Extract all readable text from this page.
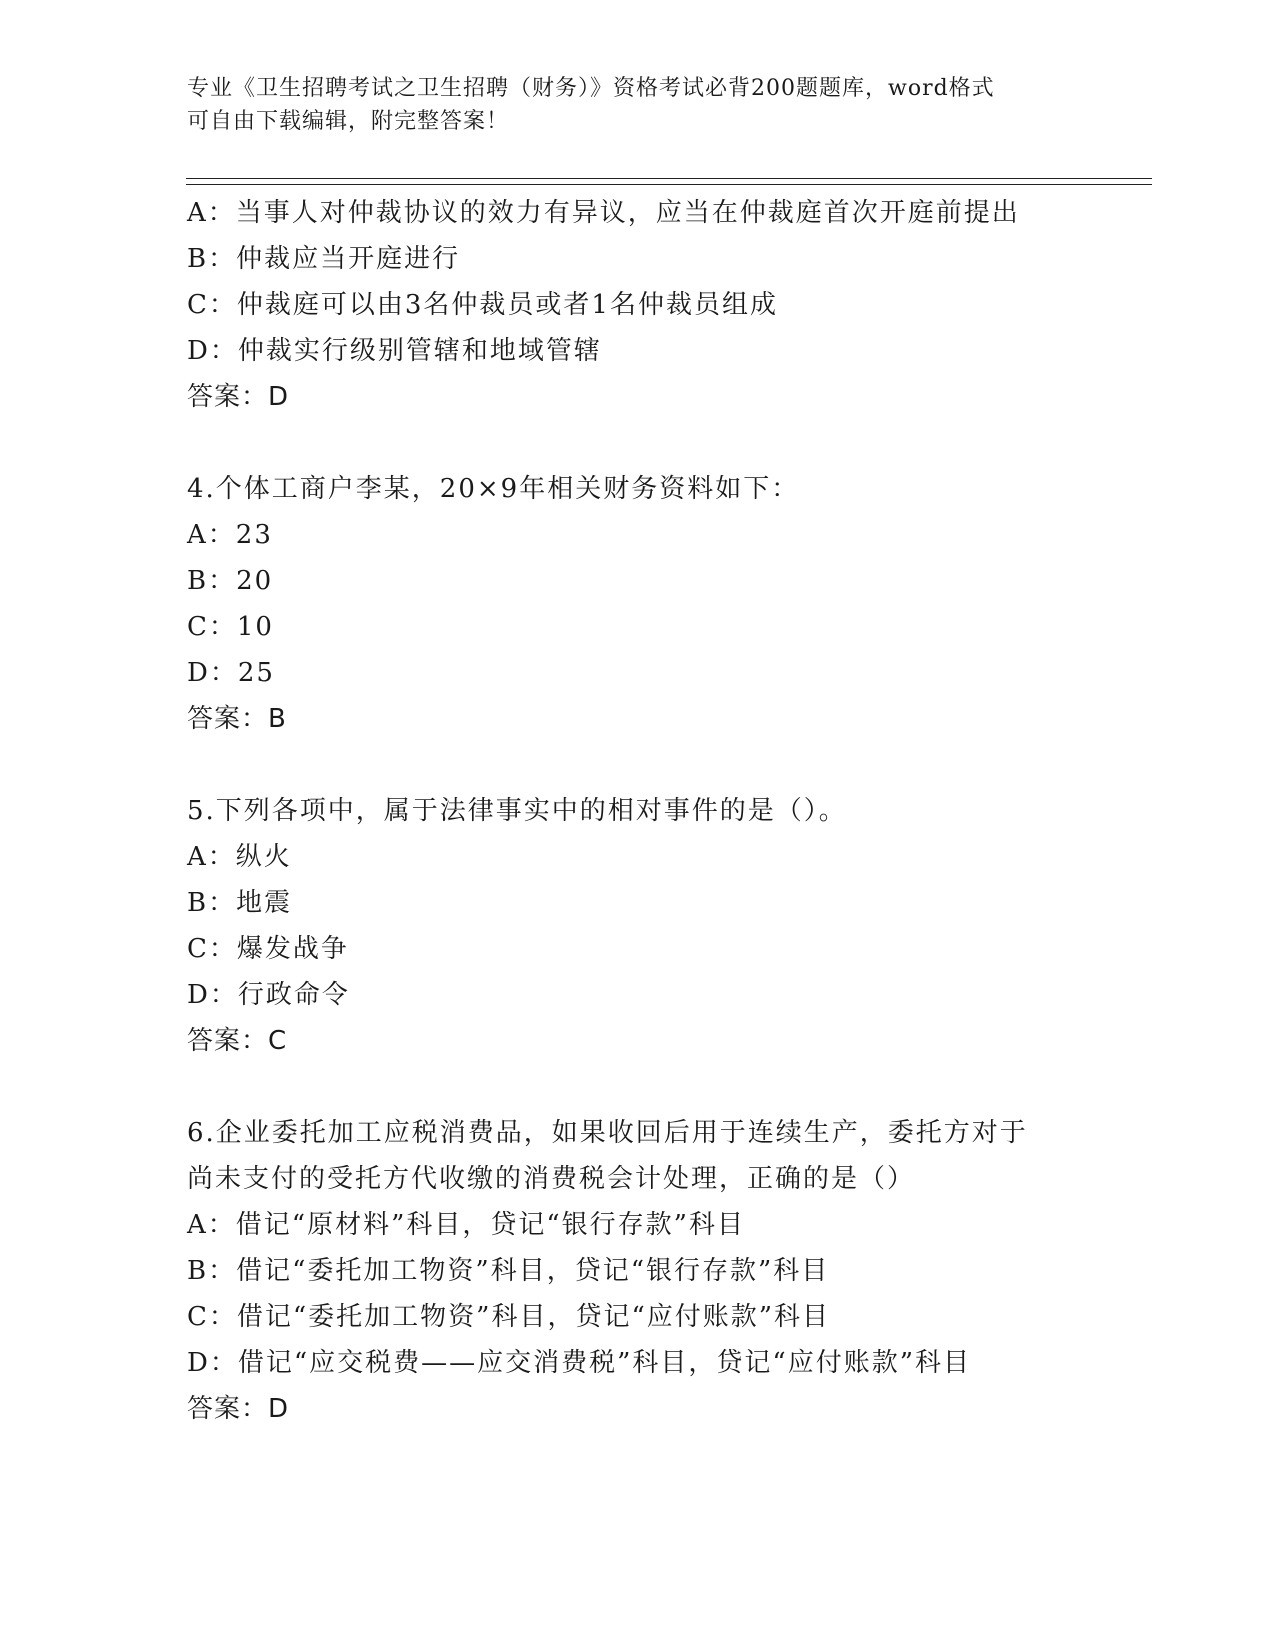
专业《卫生招聘考试之卫生招聘（财务）》资格考试必背200题题库，word格式
可自由下载编辑，附完整答案！
A：当事人对仲裁协议的效力有异议，应当在仲裁庭首次开庭前提出
B：仲裁应当开庭进行
C：仲裁庭可以由3名仲裁员或者1名仲裁员组成
D：仲裁实行级别管辖和地域管辖
答案：D
4.个体工商户李某，20×9年相关财务资料如下：
A：23
B：20
C：10
D：25
答案：B
5.下列各项中，属于法律事实中的相对事件的是（）。
A：纵火
B：地震
C：爆发战争
D：行政命令
答案：C
6.企业委托加工应税消费品，如果收回后用于连续生产，委托方对于
尚未支付的受托方代收缴的消费税会计处理，正确的是（）
A：借记“原材料”科目，贷记“银行存款”科目
B：借记“委托加工物资”科目，贷记“银行存款”科目
C：借记“委托加工物资”科目，贷记“应付账款”科目
D：借记“应交税费——应交消费税”科目，贷记“应付账款”科目
答案：D
